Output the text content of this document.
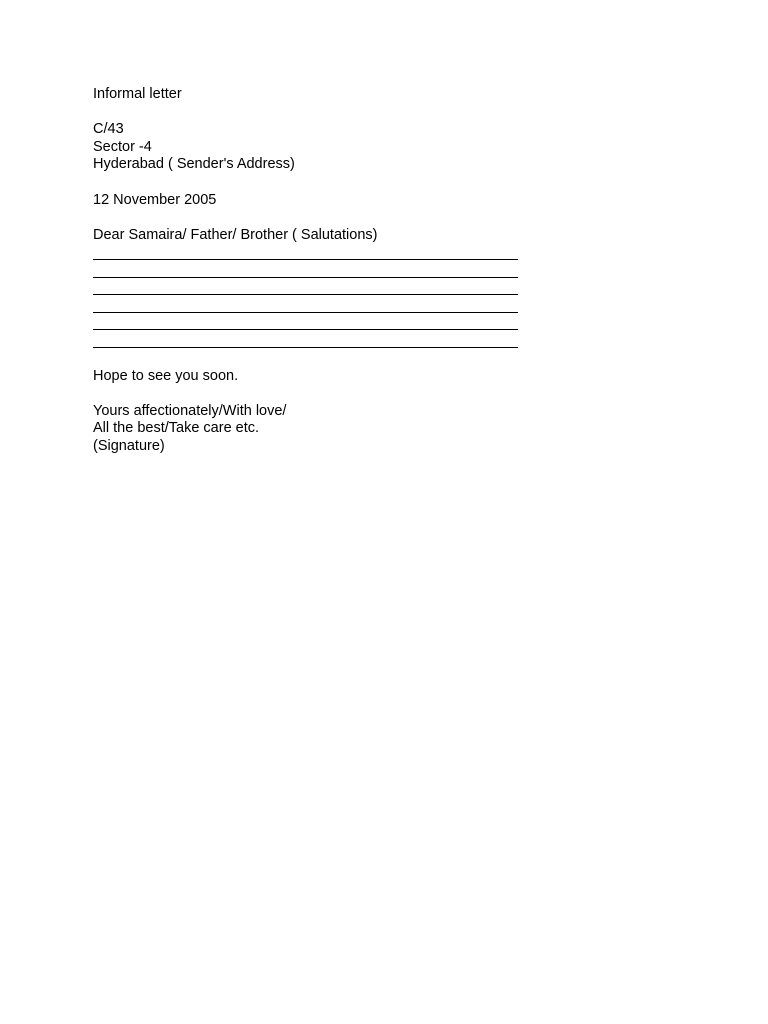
Informal letter
C/43
Sector -4
Hyderabad ( Sender's Address)
12 November 2005
Dear Samaira/ Father/ Brother ( Salutations)
Hope to see you soon.
Yours affectionately/With love/
All the best/Take care etc.
(Signature)
